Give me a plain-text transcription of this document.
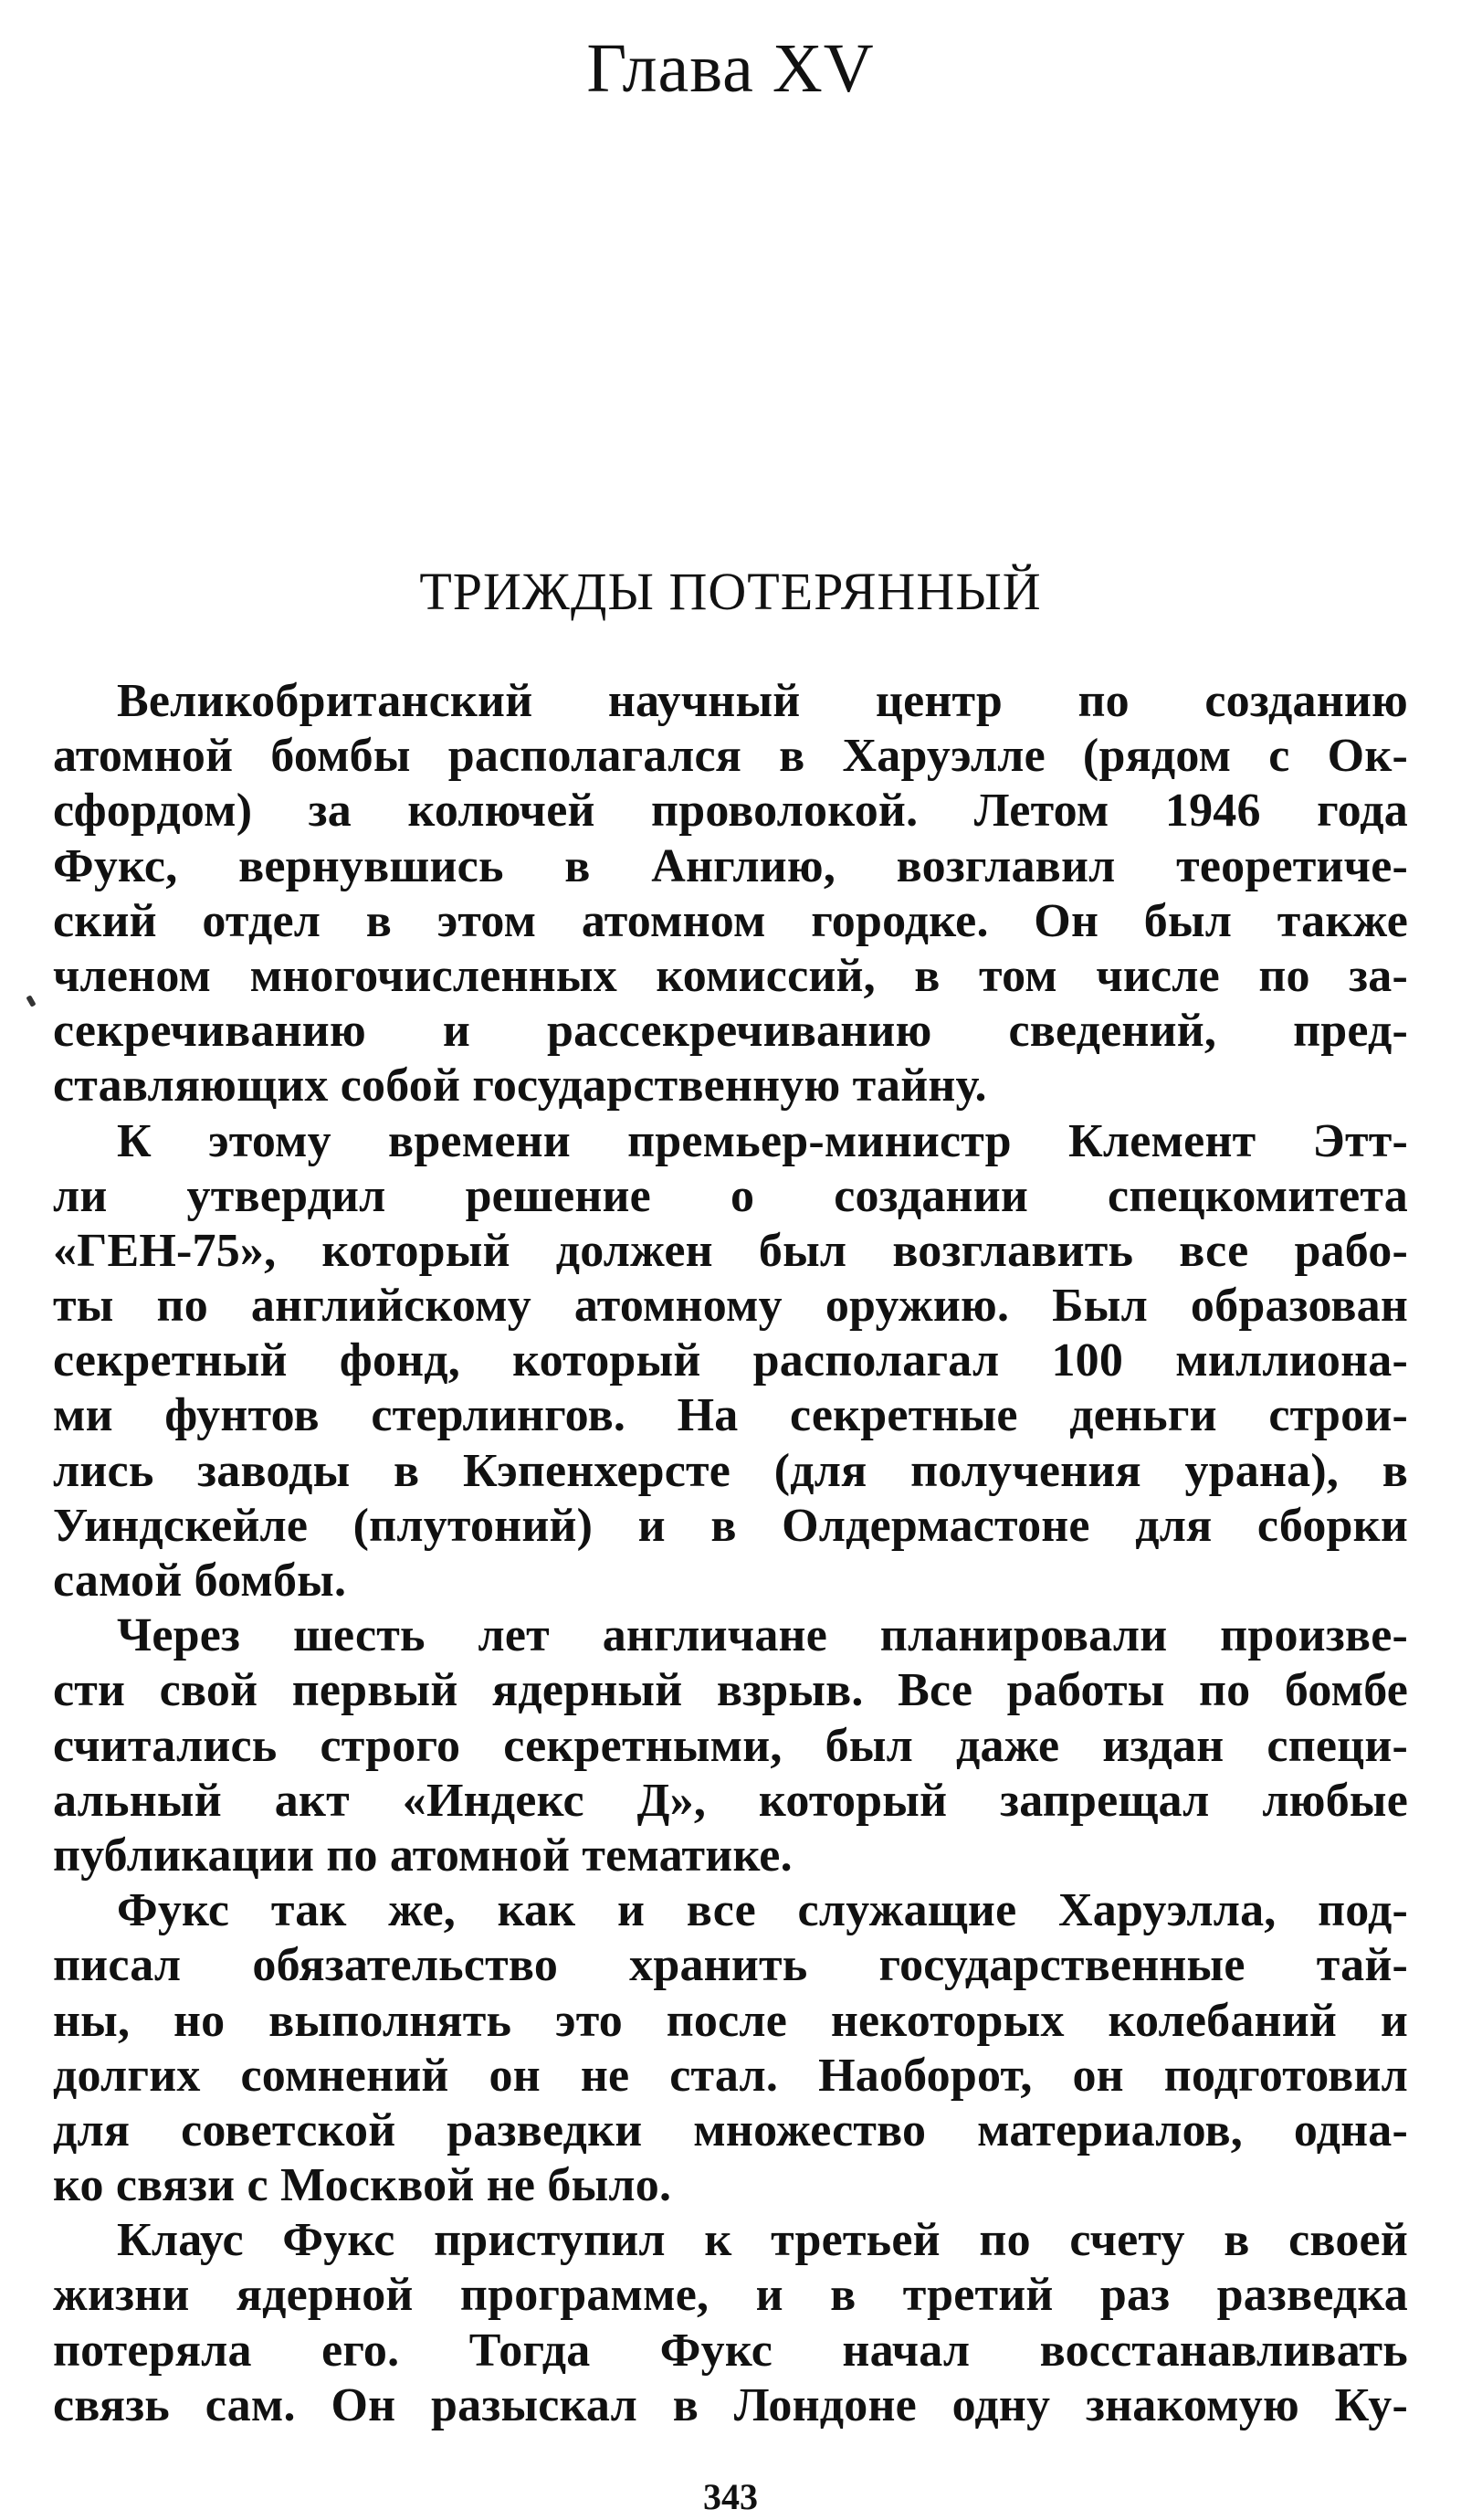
Глава XV
ТРИЖДЫ ПОТЕРЯННЫЙ
Великобританский научный центр по созданию
атомной бомбы располагался в Харуэлле (рядом с Ок-
сфордом) за колючей проволокой. Летом 1946 года
Фукс, вернувшись в Англию, возглавил теоретиче-
ский отдел в этом атомном городке. Он был также
членом многочисленных комиссий, в том числе по за-
секречиванию и рассекречиванию сведений, пред-
ставляющих собой государственную тайну.
К этому времени премьер-министр Клемент Этт-
ли утвердил решение о создании спецкомитета
«ГЕН-75», который должен был возглавить все рабо-
ты по английскому атомному оружию. Был образован
секретный фонд, который располагал 100 миллиона-
ми фунтов стерлингов. На секретные деньги строи-
лись заводы в Кэпенхерсте (для получения урана), в
Уиндскейле (плутоний) и в Олдермастоне для сборки
самой бомбы.
Через шесть лет англичане планировали произве-
сти свой первый ядерный взрыв. Все работы по бомбе
считались строго секретными, был даже издан специ-
альный акт «Индекс Д», который запрещал любые
публикации по атомной тематике.
Фукс так же, как и все служащие Харуэлла, под-
писал обязательство хранить государственные тай-
ны, но выполнять это после некоторых колебаний и
долгих сомнений он не стал. Наоборот, он подготовил
для советской разведки множество материалов, одна-
ко связи с Москвой не было.
Клаус Фукс приступил к третьей по счету в своей
жизни ядерной программе, и в третий раз разведка
потеряла его. Тогда Фукс начал восстанавливать
связь сам. Он разыскал в Лондоне одну знакомую Ку-
343
